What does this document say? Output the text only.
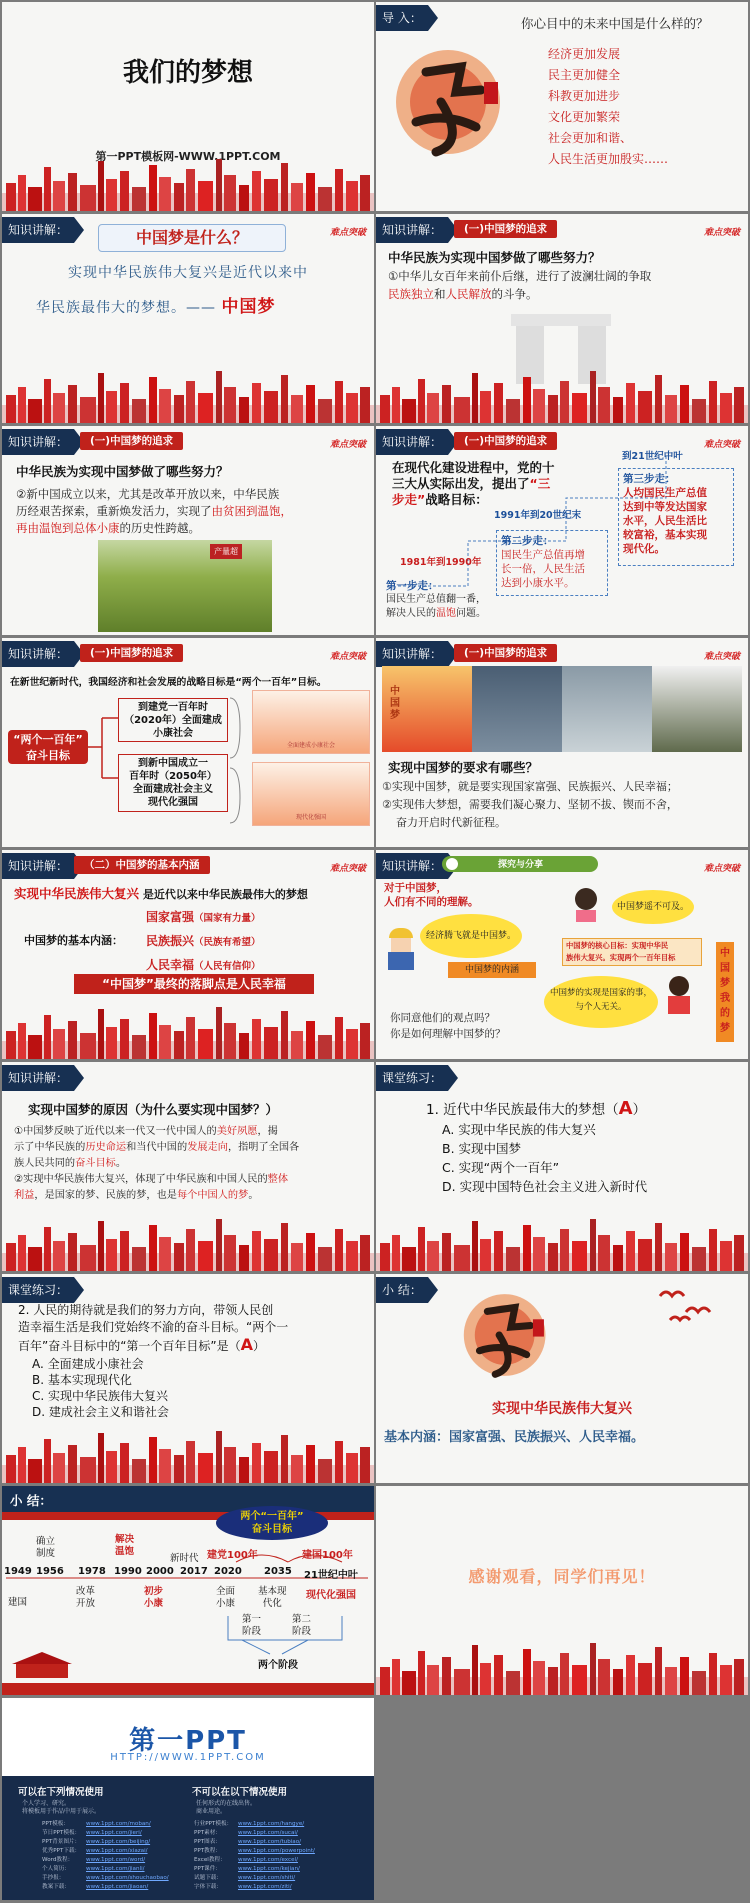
我们的梦想
第一PPT模板网-WWW.1PPT.COM
导 入：	你心目中的未来中国是什么样的？
经济更加发展
民主更加健全
科教更加进步
文化更加繁荣
社会更加和谐、
人民生活更加殷实……
知识讲解：	难点突破
中国梦是什么？
实现中华民族伟大复兴是近代以来中
华民族最伟大的梦想。—— 中国梦
知识讲解：	(一)中国梦的追求	难点突破
中华民族为实现中国梦做了哪些努力？
①中华儿女百年来前仆后继，进行了波澜壮阔的争取
民族独立和人民解放的斗争。
知识讲解：	(一)中国梦的追求	难点突破
中华民族为实现中国梦做了哪些努力？
②新中国成立以来，尤其是改革开放以来，中华民族
历经艰苦探索，重新焕发活力，实现了由贫困到温饱，
再由温饱到总体小康的历史性跨越。
产量超
知识讲解：	(一)中国梦的追求	难点突破
在现代化建设进程中，党的十
三大从实际出发，提出了“三
步走”战略目标：
到21世纪中叶
第三步走：
人均国民生产总值
达到中等发达国家
水平，人民生活比
较富裕，基本实现
现代化。
1991年到20世纪末
第二步走：
国民生产总值再增
长一倍，人民生活
达到小康水平。
1981年到1990年
第一步走：
国民生产总值翻一番，
解决人民的温饱问题。
知识讲解：	(一)中国梦的追求	难点突破
在新世纪新时代，我国经济和社会发展的战略目标是“两个一百年”目标。
“两个一百年”
奋斗目标
到建党一百年时
（2020年）全面建成
小康社会
到新中国成立一
百年时（2050年）
全面建成社会主义
现代化强国
全面建成小康社会
现代化强国
知识讲解：	(一)中国梦的追求	难点突破
中国梦
实现中国梦的要求有哪些？
①实现中国梦，就是要实现国家富强、民族振兴、人民幸福；
②实现伟大梦想，需要我们凝心聚力、坚韧不拔、锲而不舍，
奋力开启时代新征程。
知识讲解：	（二）中国梦的基本内涵	难点突破
实现中华民族伟大复兴 是近代以来中华民族最伟大的梦想
中国梦的基本内涵：
国家富强（国家有力量）
民族振兴（民族有希望）
人民幸福（人民有信仰）
“中国梦”最终的落脚点是人民幸福
知识讲解：	难点突破
探究与分享
对于中国梦，
人们有不同的理解。	中国梦遥不可及。
经济腾飞就是中国梦。
中国梦的核心目标：实现中华民
族伟大复兴。实现两个一百年目标
中国梦的内涵
中国梦的实现是国家的事，
与个人无关。
中
国
梦
我
的
梦
你同意他们的观点吗？
你是如何理解中国梦的？
知识讲解：
实现中国梦的原因（为什么要实现中国梦？）
①中国梦反映了近代以来一代又一代中国人的美好夙愿，揭
示了中华民族的历史命运和当代中国的发展走向，指明了全国各
族人民共同的奋斗目标。
②实现中华民族伟大复兴，体现了中华民族和中国人民的整体
利益，是国家的梦、民族的梦，也是每个中国人的梦。
课堂练习：
1. 近代中华民族最伟大的梦想（A）
A. 实现中华民族的伟大复兴
B. 实现中国梦
C. 实现“两个一百年”
D. 实现中国特色社会主义进入新时代
课堂练习：
2. 人民的期待就是我们的努力方向，带领人民创
造幸福生活是我们党始终不渝的奋斗目标。“两个一
百年”奋斗目标中的“第一个百年目标”是（A）
A. 全面建成小康社会
B. 基本实现现代化
C. 实现中华民族伟大复兴
D. 建成社会主义和谐社会
小 结：
实现中华民族伟大复兴
基本内涵：国家富强、民族振兴、人民幸福。
小 结：
两个“一百年”
奋斗目标
确立
制度
解决
温饱
新时代 建党100年	建国100年
1949 1956 1978 1990 2000 2017 2020 2035 21世纪中叶
建国
改革
开放
初步
小康
全面
小康
基本现
代化
现代化强国
第一
阶段
第二
阶段
两个阶段
感谢观看，同学们再见！
第一PPT
HTTP://WWW.1PPT.COM
可以在下列情况使用
个人学习、研究。
将模板用于作品中用于展示。
不可以在以下情况使用
任何形式的在线出售。
商业用途。
PPT模板：	www.1ppt.com/moban/
节日PPT模板： www.1ppt.com/jieri/
PPT背景图片： www.1ppt.com/beijing/
优秀PPT下载： www.1ppt.com/xiazai/
Word教程： www.1ppt.com/word/
个人简历：	www.1ppt.com/jianli/
手抄报：	www.1ppt.com/shouchaobao/
教案下载：	www.1ppt.com/jiaoan/
行业PPT模板： www.1ppt.com/hangye/
PPT素材：	www.1ppt.com/sucai/
PPT图表：	www.1ppt.com/tubiao/
PPT教程：	www.1ppt.com/powerpoint/
Excel教程： www.1ppt.com/excel/
PPT课件：	www.1ppt.com/kejian/
试题下载：	www.1ppt.com/shiti/
字体下载：	www.1ppt.com/ziti/
